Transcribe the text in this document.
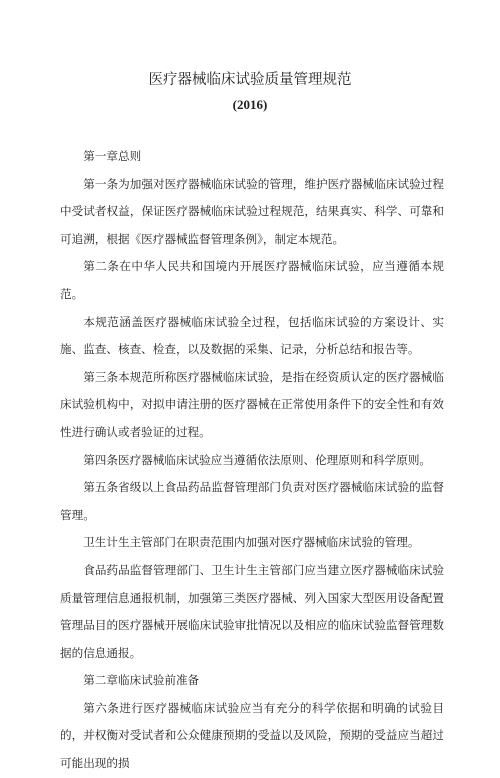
医疗器械临床试验质量管理规范
(2016)

第一章总则

第一条为加强对医疗器械临床试验的管理，维护医疗器械临床试验过程中受试者权益，保证医疗器械临床试验过程规范，结果真实、科学、可靠和可追溯，根据《医疗器械监督管理条例》，制定本规范。

第二条在中华人民共和国境内开展医疗器械临床试验，应当遵循本规范。

本规范涵盖医疗器械临床试验全过程，包括临床试验的方案设计、实施、监查、核查、检查，以及数据的采集、记录，分析总结和报告等。

第三条本规范所称医疗器械临床试验，是指在经资质认定的医疗器械临床试验机构中，对拟申请注册的医疗器械在正常使用条件下的安全性和有效性进行确认或者验证的过程。

第四条医疗器械临床试验应当遵循依法原则、伦理原则和科学原则。

第五条省级以上食品药品监督管理部门负责对医疗器械临床试验的监督管理。

卫生计生主管部门在职责范围内加强对医疗器械临床试验的管理。

食品药品监督管理部门、卫生计生主管部门应当建立医疗器械临床试验质量管理信息通报机制，加强第三类医疗器械、列入国家大型医用设备配置管理品目的医疗器械开展临床试验审批情况以及相应的临床试验监督管理数据的信息通报。

第二章临床试验前准备

第六条进行医疗器械临床试验应当有充分的科学依据和明确的试验目的，并权衡对受试者和公众健康预期的受益以及风险，预期的受益应当超过可能出现的损
